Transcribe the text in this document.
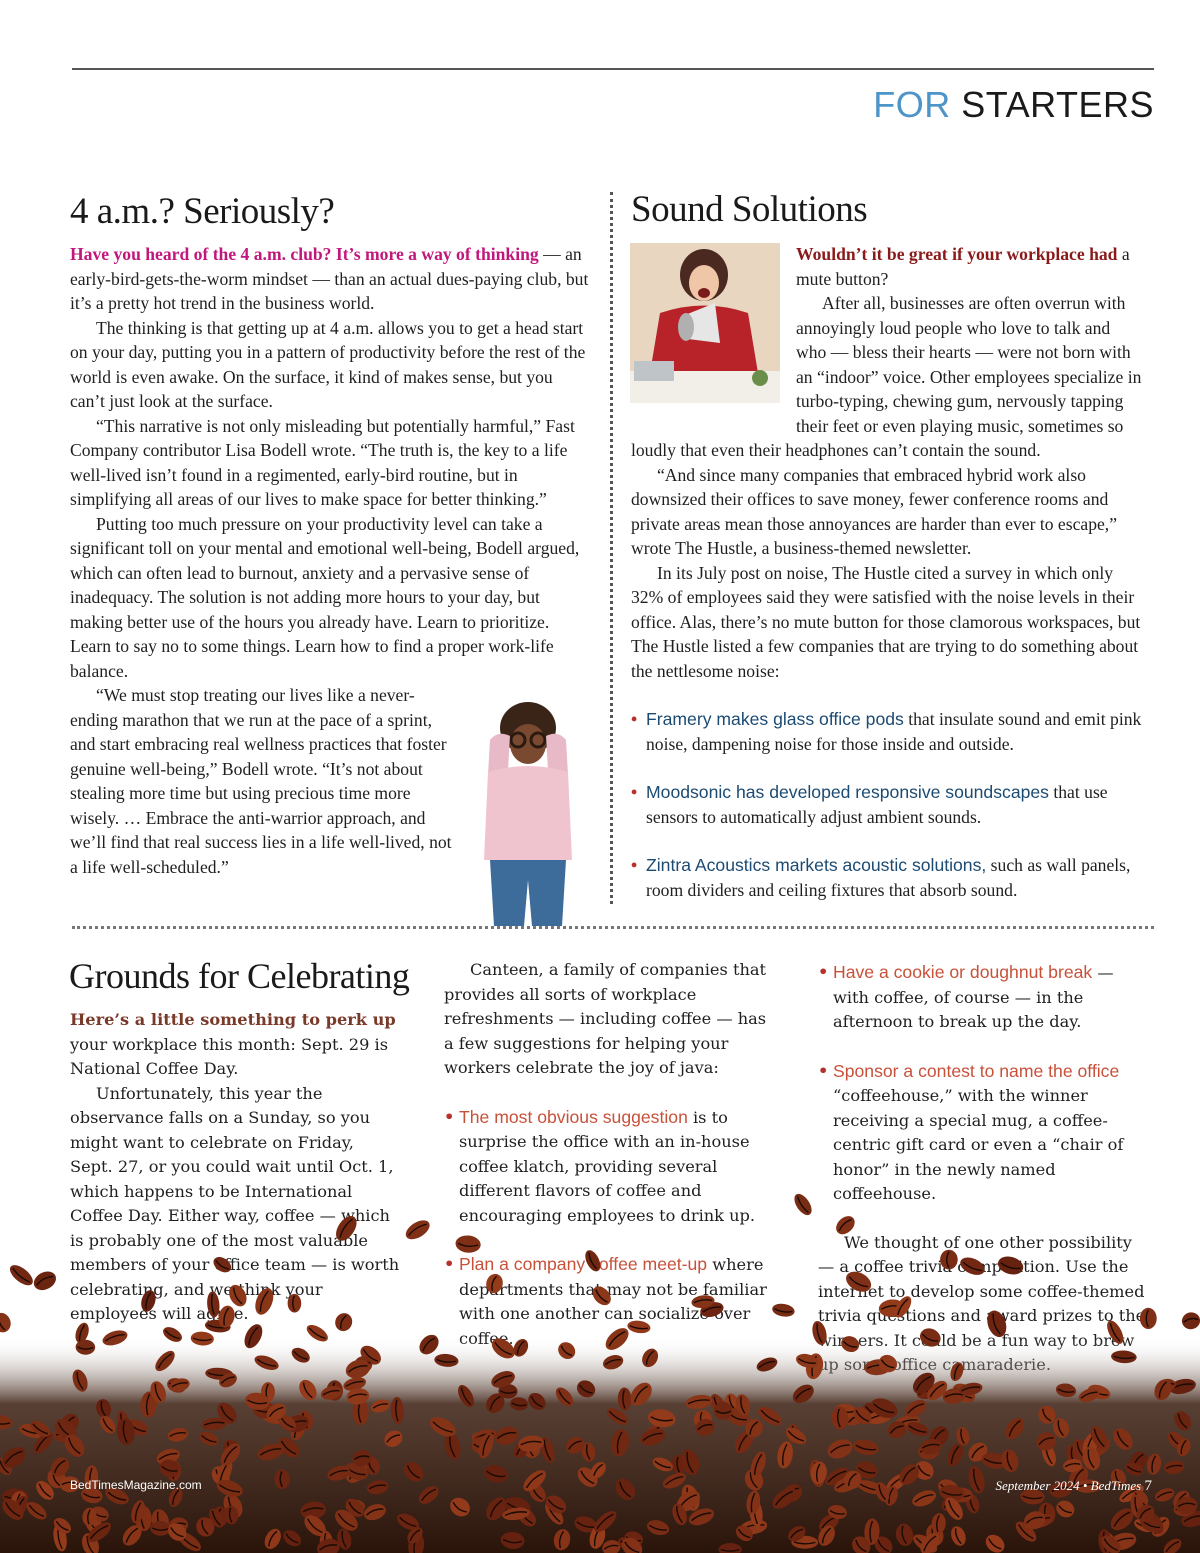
FOR STARTERS
4 a.m.? Seriously?

Have you heard of the 4 a.m. club? It’s more a way of thinking — an early-bird-gets-the-worm mindset — than an actual dues-paying club, but it’s a pretty hot trend in the business world.

The thinking is that getting up at 4 a.m. allows you to get a head start on your day, putting you in a pattern of productivity before the rest of the world is even awake. On the surface, it kind of makes sense, but you can’t just look at the surface.

“This narrative is not only misleading but potentially harmful,” Fast Company contributor Lisa Bodell wrote. “The truth is, the key to a life well-lived isn’t found in a regimented, early-bird routine, but in simplifying all areas of our lives to make space for better thinking.”

Putting too much pressure on your productivity level can take a significant toll on your mental and emotional well-being, Bodell argued, which can often lead to burnout, anxiety and a pervasive sense of inadequacy. The solution is not adding more hours to your day, but making better use of the hours you already have. Learn to prioritize. Learn to say no to some things. Learn how to find a proper work-life balance.

“We must stop treating our lives like a never-ending marathon that we run at the pace of a sprint, and start embracing real wellness practices that foster genuine well-being,” Bodell wrote. “It’s not about stealing more time but using precious time more wisely. … Embrace the anti-warrior approach, and we’ll find that real success lies in a life well-lived, not a life well-scheduled.”

Sound Solutions

Wouldn’t it be great if your workplace had a mute button?

After all, businesses are often overrun with annoyingly loud people who love to talk and who — bless their hearts — were not born with an “indoor” voice. Other employees specialize in turbo-typing, chewing gum, nervously tapping their feet or even playing music, sometimes so loudly that even their headphones can’t contain the sound.

“And since many companies that embraced hybrid work also downsized their offices to save money, fewer conference rooms and private areas mean those annoyances are harder than ever to escape,” wrote The Hustle, a business-themed newsletter.

In its July post on noise, The Hustle cited a survey in which only 32% of employees said they were satisfied with the noise levels in their office. Alas, there’s no mute button for those clamorous workspaces, but The Hustle listed a few companies that are trying to do something about the nettlesome noise:

• Framery makes glass office pods that insulate sound and emit pink noise, dampening noise for those inside and outside.
• Moodsonic has developed responsive soundscapes that use sensors to automatically adjust ambient sounds.
• Zintra Acoustics markets acoustic solutions, such as wall panels, room dividers and ceiling fixtures that absorb sound.
Grounds for Celebrating

Here’s a little something to perk up your workplace this month: Sept. 29 is National Coffee Day.

Unfortunately, this year the observance falls on a Sunday, so you might want to celebrate on Friday,

Canteen, a family of companies that provides all sorts of workplace refreshments — including coffee — has a few suggestions for helping your workers celebrate the joy of java:

• The most obvious suggestion is to surprise the office with an in-house
• Have a cookie or doughnut break — with coffee, of course — in the afternoon to break up the day.
• Sponsor a contest to name the office “coffeehouse,” with the winner receiving a special mug, a coffee-centric gift card or even a “chair of

BedTimesMagazine.com	September 2024 • BedTimes 7
